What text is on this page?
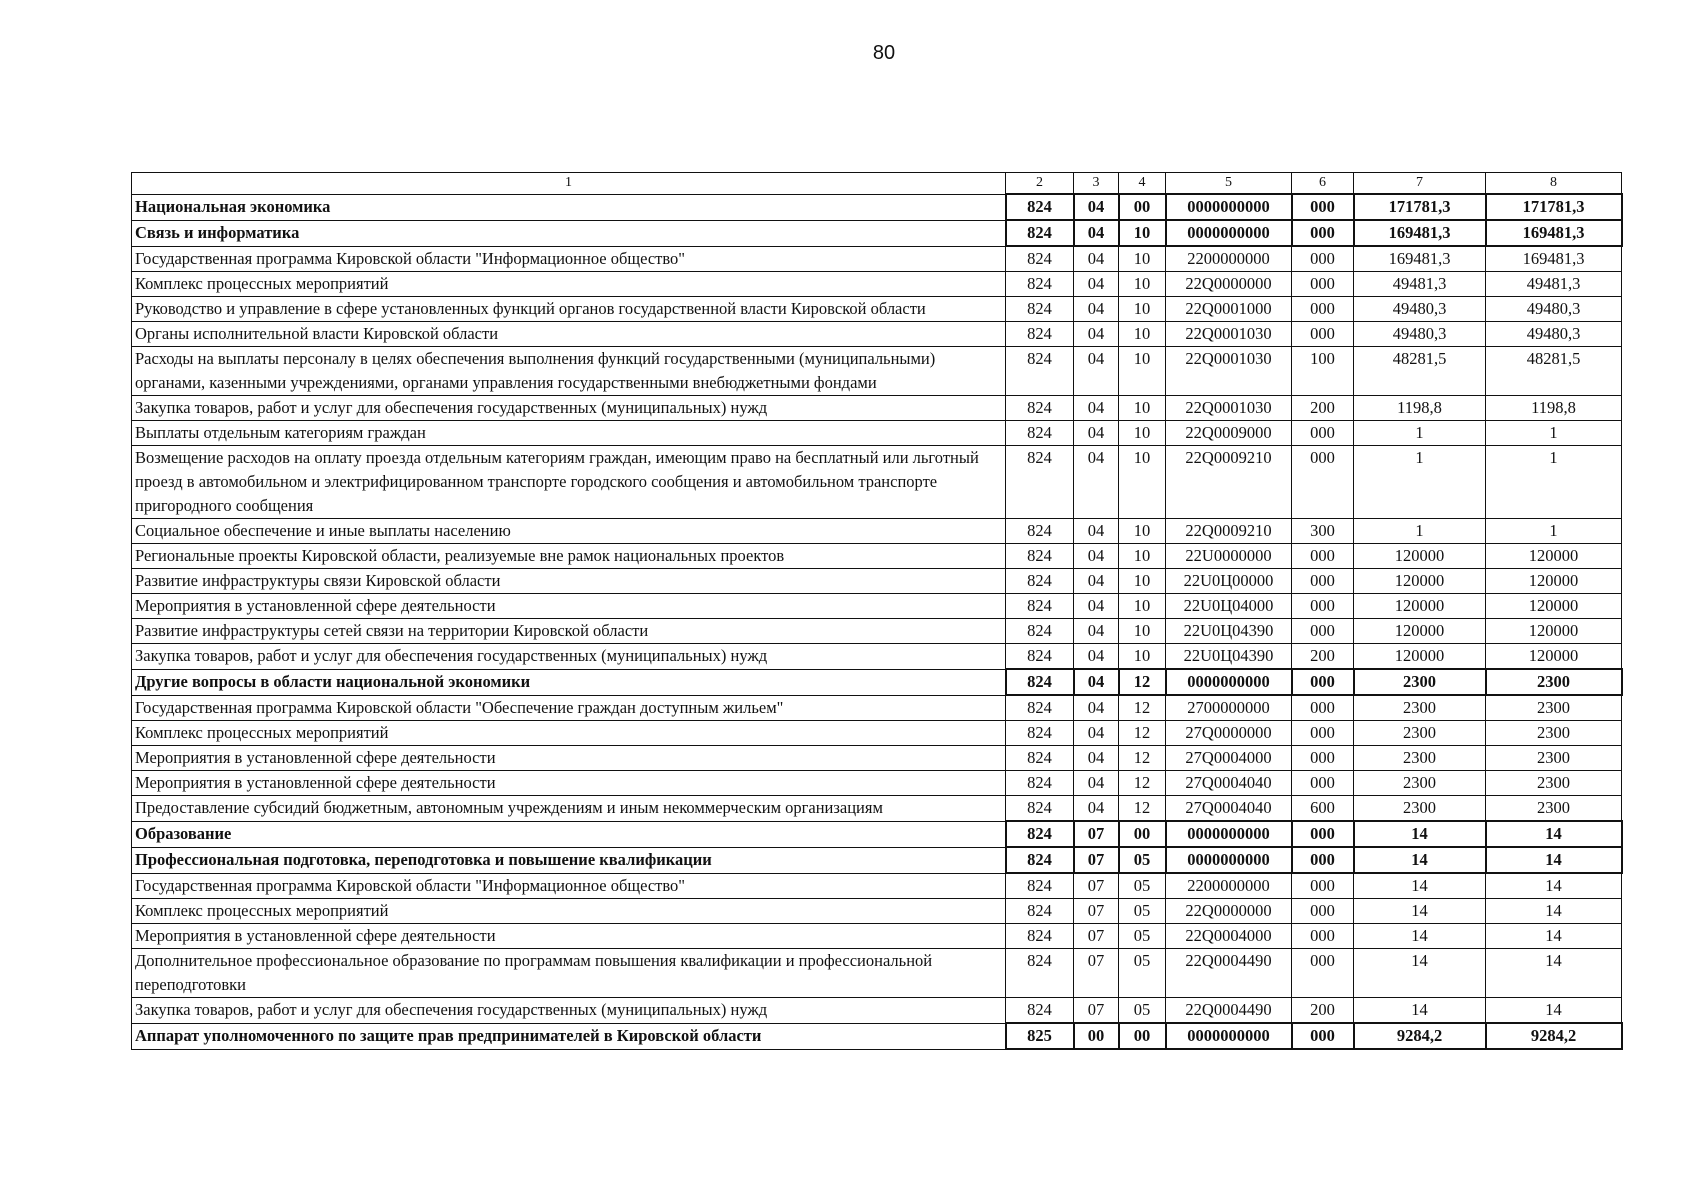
80
1	2	3	4	5	6	7	8
Национальная экономика	824	04	00	0000000000	000	171781,3	171781,3
Связь и информатика	824	04	10	0000000000	000	169481,3	169481,3
Государственная программа Кировской области "Информационное общество"	824	04	10	2200000000	000	169481,3	169481,3
Комплекс процессных мероприятий	824	04	10	22Q0000000	000	49481,3	49481,3
Руководство и управление в сфере установленных функций органов государственной власти Кировской области	824	04	10	22Q0001000	000	49480,3	49480,3
Органы исполнительной власти Кировской области	824	04	10	22Q0001030	000	49480,3	49480,3
Расходы на выплаты персоналу в целях обеспечения выполнения функций государственными (муниципальными) органами, казенными учреждениями, органами управления государственными внебюджетными фондами	824	04	10	22Q0001030	100	48281,5	48281,5
Закупка товаров, работ и услуг для обеспечения государственных (муниципальных) нужд	824	04	10	22Q0001030	200	1198,8	1198,8
Выплаты отдельным категориям граждан	824	04	10	22Q0009000	000	1	1
Возмещение расходов на оплату проезда отдельным категориям граждан, имеющим право на бесплатный или льготный проезд в автомобильном и электрифицированном транспорте городского сообщения и автомобильном транспорте пригородного сообщения	824	04	10	22Q0009210	000	1	1
Социальное обеспечение и иные выплаты населению	824	04	10	22Q0009210	300	1	1
Региональные проекты Кировской области, реализуемые вне рамок национальных проектов	824	04	10	22U0000000	000	120000	120000
Развитие инфраструктуры связи Кировской области	824	04	10	22U0Ц00000	000	120000	120000
Мероприятия в установленной сфере деятельности	824	04	10	22U0Ц04000	000	120000	120000
Развитие инфраструктуры сетей связи на территории Кировской области	824	04	10	22U0Ц04390	000	120000	120000
Закупка товаров, работ и услуг для обеспечения государственных (муниципальных) нужд	824	04	10	22U0Ц04390	200	120000	120000
Другие вопросы в области национальной экономики	824	04	12	0000000000	000	2300	2300
Государственная программа Кировской области "Обеспечение граждан доступным жильем"	824	04	12	2700000000	000	2300	2300
Комплекс процессных мероприятий	824	04	12	27Q0000000	000	2300	2300
Мероприятия в установленной сфере деятельности	824	04	12	27Q0004000	000	2300	2300
Мероприятия в установленной сфере деятельности	824	04	12	27Q0004040	000	2300	2300
Предоставление субсидий бюджетным, автономным учреждениям и иным некоммерческим организациям	824	04	12	27Q0004040	600	2300	2300
Образование	824	07	00	0000000000	000	14	14
Профессиональная подготовка, переподготовка и повышение квалификации	824	07	05	0000000000	000	14	14
Государственная программа Кировской области "Информационное общество"	824	07	05	2200000000	000	14	14
Комплекс процессных мероприятий	824	07	05	22Q0000000	000	14	14
Мероприятия в установленной сфере деятельности	824	07	05	22Q0004000	000	14	14
Дополнительное профессиональное образование по программам повышения квалификации и профессиональной переподготовки	824	07	05	22Q0004490	000	14	14
Закупка товаров, работ и услуг для обеспечения государственных (муниципальных) нужд	824	07	05	22Q0004490	200	14	14
Аппарат уполномоченного по защите прав предпринимателей в Кировской области	825	00	00	0000000000	000	9284,2	9284,2
